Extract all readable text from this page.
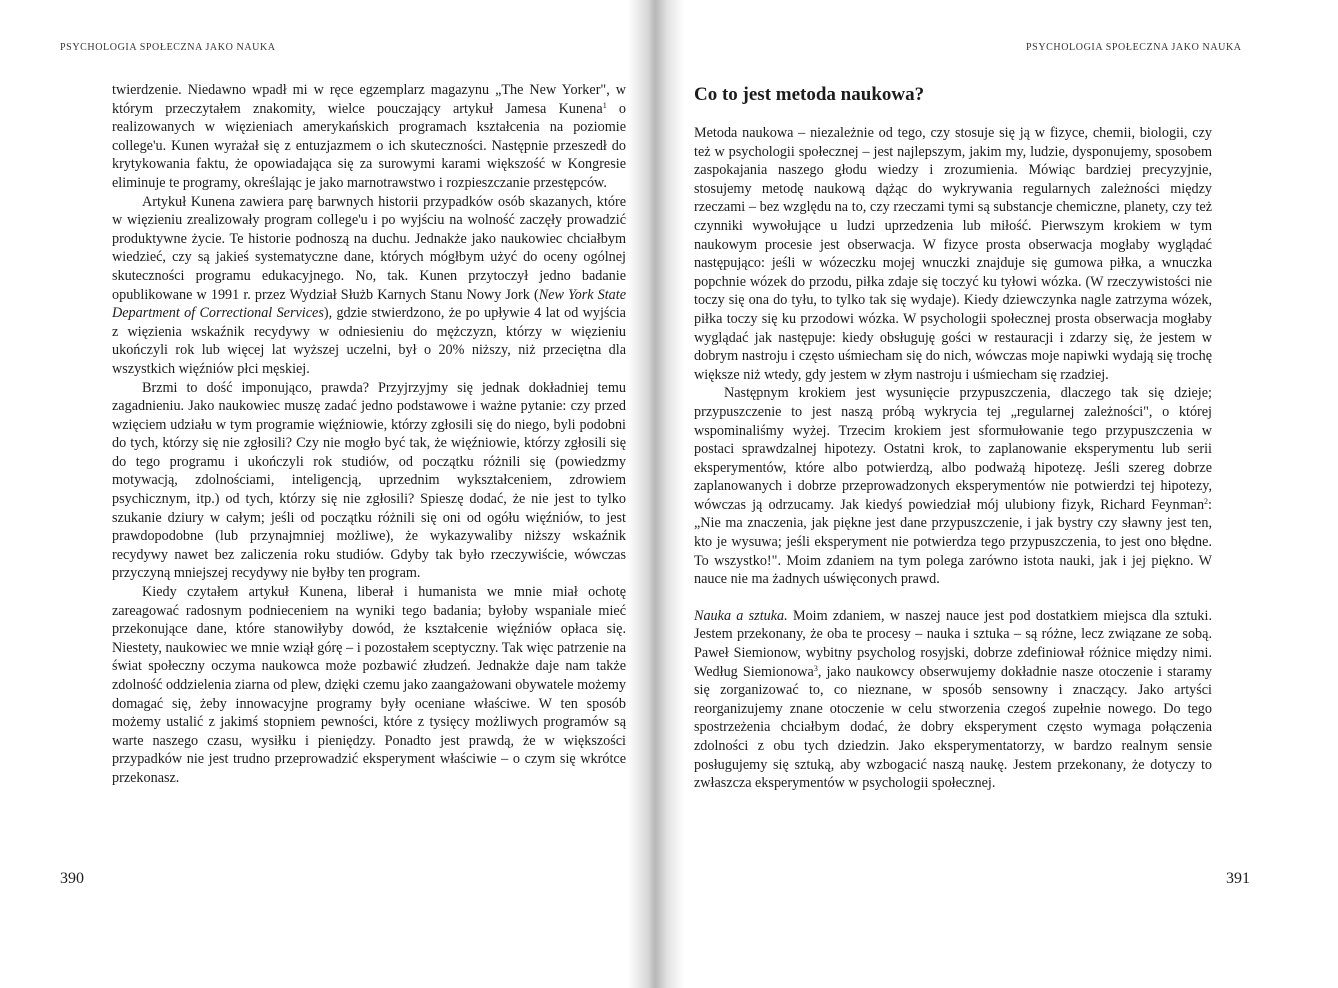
PSYCHOLOGIA SPOŁECZNA JAKO NAUKA

twierdzenie. Niedawno wpadł mi w ręce egzemplarz magazynu „The New Yorker", w którym przeczytałem znakomity, wielce pouczający artykuł Jamesa Kunena$^1$ o realizowanych w więzieniach amerykańskich programach kształcenia na poziomie college'u. Kunen wyrażał się z entuzjazmem o ich skuteczności. Następnie przeszedł do krytykowania faktu, że opowiadająca się za surowymi karami większość w Kongresie eliminuje te programy, określając je jako marnotrawstwo i rozpieszczanie przestępców.

Artykuł Kunena zawiera parę barwnych historii przypadków osób skazanych, które w więzieniu zrealizowały program college'u i po wyjściu na wolność zaczęły prowadzić produktywne życie. Te historie podnoszą na duchu. Jednakże jako naukowiec chciałbym wiedzieć, czy są jakieś systematyczne dane, których mógłbym użyć do oceny ogólnej skuteczności programu edukacyjnego. No, tak. Kunen przytoczył jedno badanie opublikowane w 1991 r. przez Wydział Służb Karnych Stanu Nowy Jork (New York State Department of Correctional Services), gdzie stwierdzono, że po upływie 4 lat od wyjścia z więzienia wskaźnik recydywy w odniesieniu do mężczyzn, którzy w więzieniu ukończyli rok lub więcej lat wyższej uczelni, był o 20% niższy, niż przeciętna dla wszystkich więźniów płci męskiej.

Brzmi to dość imponująco, prawda? Przyjrzyjmy się jednak dokładniej temu zagadnieniu. Jako naukowiec muszę zadać jedno podstawowe i ważne pytanie: czy przed wzięciem udziału w tym programie więźniowie, którzy zgłosili się do niego, byli podobni do tych, którzy się nie zgłosili? Czy nie mogło być tak, że więźniowie, którzy zgłosili się do tego programu i ukończyli rok studiów, od początku różnili się (powiedzmy motywacją, zdolnościami, inteligencją, uprzednim wykształceniem, zdrowiem psychicznym, itp.) od tych, którzy się nie zgłosili? Spieszę dodać, że nie jest to tylko szukanie dziury w całym; jeśli od początku różnili się oni od ogółu więźniów, to jest prawdopodobne (lub przynajmniej możliwe), że wykazywaliby niższy wskaźnik recydywy nawet bez zaliczenia roku studiów. Gdyby tak było rzeczywiście, wówczas przyczyną mniejszej recydywy nie byłby ten program.

Kiedy czytałem artykuł Kunena, liberał i humanista we mnie miał ochotę zareagować radosnym podnieceniem na wyniki tego badania; byłoby wspaniale mieć przekonujące dane, które stanowiłyby dowód, że kształcenie więźniów opłaca się. Niestety, naukowiec we mnie wziął górę – i pozostałem sceptyczny. Tak więc patrzenie na świat społeczny oczyma naukowca może pozbawić złudzeń. Jednakże daje nam także zdolność oddzielenia ziarna od plew, dzięki czemu jako zaangażowani obywatele możemy domagać się, żeby innowacyjne programy były oceniane właściwe. W ten sposób możemy ustalić z jakimś stopniem pewności, które z tysięcy możliwych programów są warte naszego czasu, wysiłku i pieniędzy. Ponadto jest prawdą, że w większości przypadków nie jest trudno przeprowadzić eksperyment właściwie – o czym się wkrótce przekonasz.

390
PSYCHOLOGIA SPOŁECZNA JAKO NAUKA
Co to jest metoda naukowa?

Metoda naukowa – niezależnie od tego, czy stosuje się ją w fizyce, chemii, biologii, czy też w psychologii społecznej – jest najlepszym, jakim my, ludzie, dysponujemy, sposobem zaspokajania naszego głodu wiedzy i zrozumienia. Mówiąc bardziej precyzyjnie, stosujemy metodę naukową dążąc do wykrywania regularnych zależności między rzeczami – bez względu na to, czy rzeczami tymi są substancje chemiczne, planety, czy też czynniki wywołujące u ludzi uprzedzenia lub miłość. Pierwszym krokiem w tym naukowym procesie jest obserwacja. W fizyce prosta obserwacja mogłaby wyglądać następująco: jeśli w wózeczku mojej wnuczki znajduje się gumowa piłka, a wnuczka popchnie wózek do przodu, piłka zdaje się toczyć ku tyłowi wózka. (W rzeczywistości nie toczy się ona do tyłu, to tylko tak się wydaje). Kiedy dziewczynka nagle zatrzyma wózek, piłka toczy się ku przodowi wózka. W psychologii społecznej prosta obserwacja mogłaby wyglądać jak następuje: kiedy obsługuję gości w restauracji i zdarzy się, że jestem w dobrym nastroju i często uśmiecham się do nich, wówczas moje napiwki wydają się trochę większe niż wtedy, gdy jestem w złym nastroju i uśmiecham się rzadziej.

Następnym krokiem jest wysunięcie przypuszczenia, dlaczego tak się dzieje; przypuszczenie to jest naszą próbą wykrycia tej „regularnej zależności", o której wspominaliśmy wyżej. Trzecim krokiem jest sformułowanie tego przypuszczenia w postaci sprawdzalnej hipotezy. Ostatni krok, to zaplanowanie eksperymentu lub serii eksperymentów, które albo potwierdzą, albo podważą hipotezę. Jeśli szereg dobrze zaplanowanych i dobrze przeprowadzonych eksperymentów nie potwierdzi tej hipotezy, wówczas ją odrzucamy. Jak kiedyś powiedział mój ulubiony fizyk, Richard Feynman$^2$: „Nie ma znaczenia, jak piękne jest dane przypuszczenie, i jak bystry czy sławny jest ten, kto je wysuwa; jeśli eksperyment nie potwierdza tego przypuszczenia, to jest ono błędne. To wszystko!". Moim zdaniem na tym polega zarówno istota nauki, jak i jej piękno. W nauce nie ma żadnych uświęconych prawd.

Nauka a sztuka. Moim zdaniem, w naszej nauce jest pod dostatkiem miejsca dla sztuki. Jestem przekonany, że oba te procesy – nauka i sztuka – są różne, lecz związane ze sobą. Paweł Siemionow, wybitny psycholog rosyjski, dobrze zdefiniował różnice między nimi. Według Siemionowa$^3$, jako naukowcy obserwujemy dokładnie nasze otoczenie i staramy się zorganizować to, co nieznane, w sposób sensowny i znaczący. Jako artyści reorganizujemy znane otoczenie w celu stworzenia czegoś zupełnie nowego. Do tego spostrzeżenia chciałbym dodać, że dobry eksperyment często wymaga połączenia zdolności z obu tych dziedzin. Jako eksperymentatorzy, w bardzo realnym sensie posługujemy się sztuką, aby wzbogacić naszą naukę. Jestem przekonany, że dotyczy to zwłaszcza eksperymentów w psychologii społecznej.

391
